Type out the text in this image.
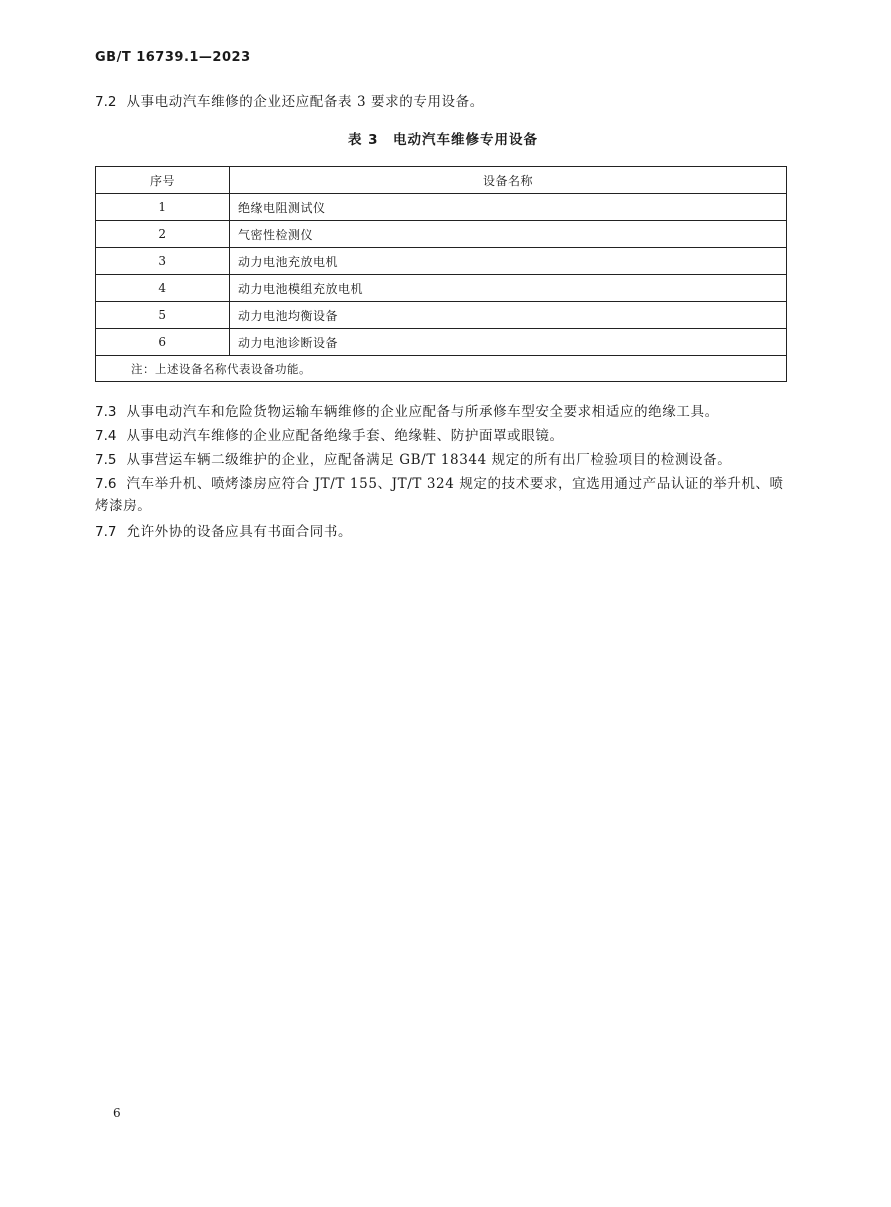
GB/T 16739.1—2023
7.2 从事电动汽车维修的企业还应配备表 3 要求的专用设备。
表 3　电动汽车维修专用设备
序号	设备名称
1	绝缘电阻测试仪
2	气密性检测仪
3	动力电池充放电机
4	动力电池模组充放电机
5	动力电池均衡设备
6	动力电池诊断设备
注：上述设备名称代表设备功能。	
7.3 从事电动汽车和危险货物运输车辆维修的企业应配备与所承修车型安全要求相适应的绝缘工具。
7.4 从事电动汽车维修的企业应配备绝缘手套、绝缘鞋、防护面罩或眼镜。
7.5 从事营运车辆二级维护的企业，应配备满足 GB/T 18344 规定的所有出厂检验项目的检测设备。
7.6 汽车举升机、喷烤漆房应符合 JT/T 155、JT/T 324 规定的技术要求，宜选用通过产品认证的举升机、喷烤漆房。
7.7 允许外协的设备应具有书面合同书。
6
